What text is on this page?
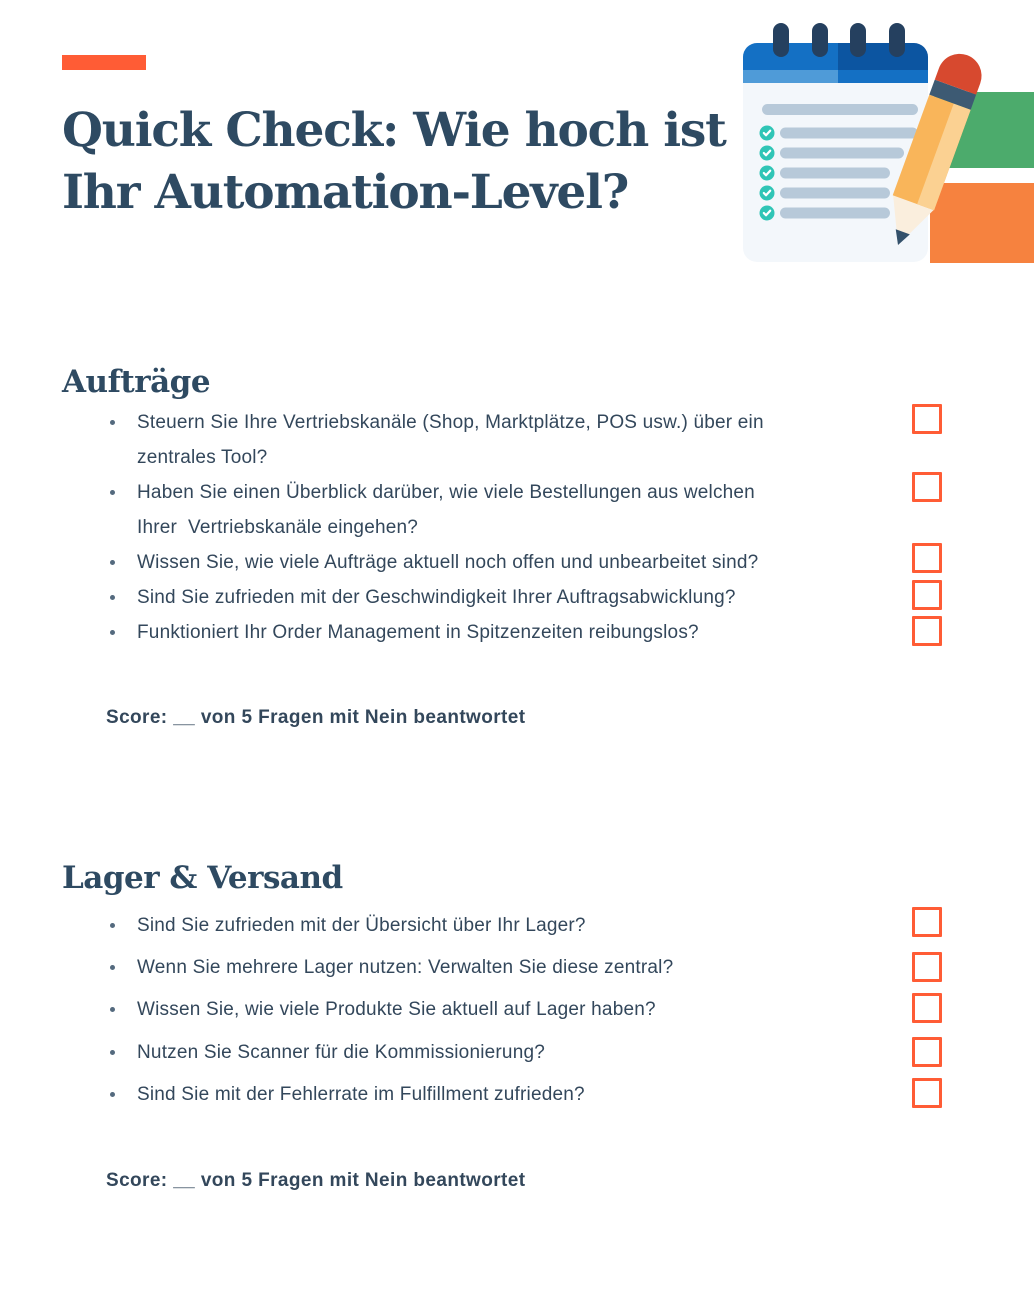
Quick Check: Wie hoch ist
Ihr Automation-Level?
Aufträge
Steuern Sie Ihre Vertriebskanäle (Shop, Marktplätze, POS usw.) über ein
zentrales Tool?
Haben Sie einen Überblick darüber, wie viele Bestellungen aus welchen
Ihrer  Vertriebskanäle eingehen?
Wissen Sie, wie viele Aufträge aktuell noch offen und unbearbeitet sind?
Sind Sie zufrieden mit der Geschwindigkeit Ihrer Auftragsabwicklung?
Funktioniert Ihr Order Management in Spitzenzeiten reibungslos?
Score: __ von 5 Fragen mit Nein beantwortet
Lager & Versand
Sind Sie zufrieden mit der Übersicht über Ihr Lager?
Wenn Sie mehrere Lager nutzen: Verwalten Sie diese zentral?
Wissen Sie, wie viele Produkte Sie aktuell auf Lager haben?
Nutzen Sie Scanner für die Kommissionierung?
Sind Sie mit der Fehlerrate im Fulfillment zufrieden?
Score: __ von 5 Fragen mit Nein beantwortet
